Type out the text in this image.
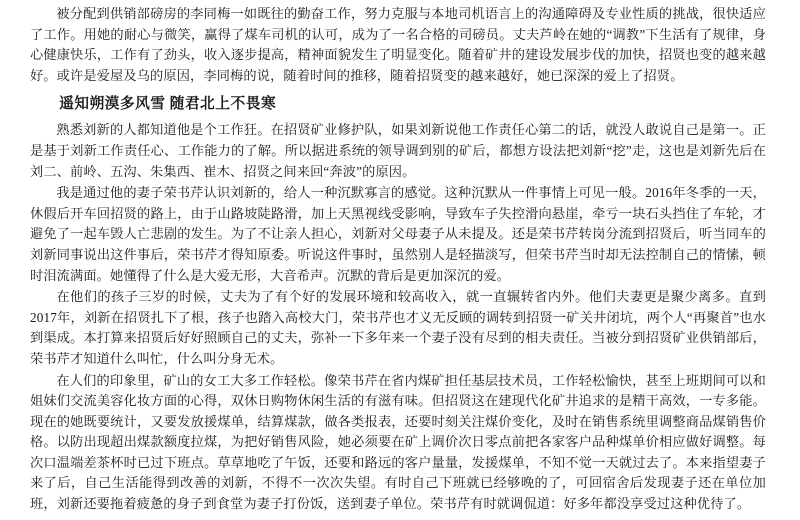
被分配到供销部磅房的李同梅一如既往的勤奋工作，努力克服与本地司机语言上的沟通障碍及专业性质的挑战，很快适应了工作。用她的耐心与微笑，赢得了煤车司机的认可，成为了一名合格的司磅员。丈夫芦岭在她的“调教”下生活有了规律，身心健康快乐，工作有了劲头，收入逐步提高，精神面貌发生了明显变化。随着矿井的建设发展步伐的加快，招贤也变的越来越好。或许是爱屋及乌的原因，李同梅的说，随着时间的推移，随着招贤变的越来越好，她已深深的爱上了招贤。

遥知朔漠多风雪 随君北上不畏寒

熟悉刘新的人都知道他是个工作狂。在招贤矿业修护队，如果刘新说他工作责任心第二的话，就没人敢说自己是第一。正是基于刘新工作责任心、工作能力的了解。所以据进系统的领导调到别的矿后，都想方设法把刘新“挖”走，这也是刘新先后在刘二、前岭、五沟、朱集西、崔木、招贤之间来回“奔波”的原因。

我是通过他的妻子荣书芹认识刘新的，给人一种沉默寡言的感觉。这种沉默从一件事情上可见一般。2016年冬季的一天，休假后开车回招贤的路上，由于山路坡陡路滑，加上天黑视线受影响，导致车子失控滑向悬崖，牵亏一块石头挡住了车轮，才避免了一起车毁人亡悲剧的发生。为了不让亲人担心，刘新对父母妻子从未提及。还是荣书芹转岗分流到招贤后，听当同车的刘新同事说出这件事后，荣书芹才得知原委。听说这件事时，虽然别人是轻描淡写，但荣书芹当时却无法控制自己的情愫，顿时泪流满面。她懂得了什么是大爱无形，大音希声。沉默的背后是更加深沉的爱。

在他们的孩子三岁的时候，丈夫为了有个好的发展环境和较高收入，就一直辗转省内外。他们夫妻更是聚少离多。直到2017年，刘新在招贤扎下了根，孩子也踏入高校大门，荣书芹也才义无反顾的调转到招贤一矿关井闭坑，两个人“再聚首”也水到渠成。本打算来招贤后好好照顾自己的丈夫，弥补一下多年来一个妻子没有尽到的相夫责任。当被分到招贤矿业供销部后，荣书芹才知道什么叫忙，什么叫分身无术。

在人们的印象里，矿山的女工大多工作轻松。像荣书芹在省内煤矿担任基层技术员，工作轻松愉快，甚至上班期间可以和姐妹们交流美容化妆方面的心得，双休日购物休闲生活的有滋有味。但招贤这在建现代化矿井追求的是精干高效，一专多能。现在的她既要统计，又要发放援煤单，结算煤款，做各类报表，还要时刻关注煤价变化，及时在销售系统里调整商品煤销售价格。以防出现超出煤款额度拉煤，为把好销售风险，她必须要在矿上调价次日零点前把各家客户品种煤单价相应做好调整。每次口温端差茶杯时已过下班点。草草地吃了午饭，还要和路远的客户量量，发援煤单，不知不觉一天就过去了。本来指望妻子来了后，自己生活能得到改善的刘新，不得不一次次失望。有时自己下班就已经够晚的了，可回宿舍后发现妻子还在单位加班，刘新还要拖着疲惫的身子到食堂为妻子打份饭，送到妻子单位。荣书芹有时就调侃道：好多年都没享受过这种优待了。
